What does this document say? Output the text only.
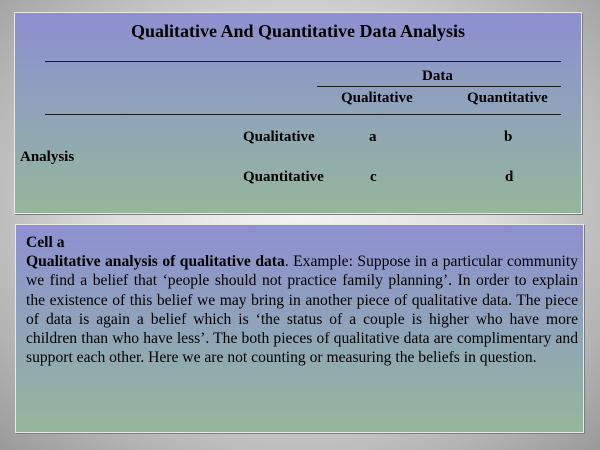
Qualitative And Quantitative Data Analysis
Data
Qualitative	Quantitative
Qualitative	a	b
Analysis
Quantitative	c	d
Cell a
Qualitative analysis of qualitative data. Example: Suppose in a particular community we find a belief that ‘people should not practice family planning’. In order to explain the existence of this belief we may bring in another piece of qualitative data. The piece of data is again a belief which is ‘the status of a couple is higher who have more children than who have less’. The both pieces of qualitative data are complimentary and support each other. Here we are not counting or measuring the beliefs in question.
